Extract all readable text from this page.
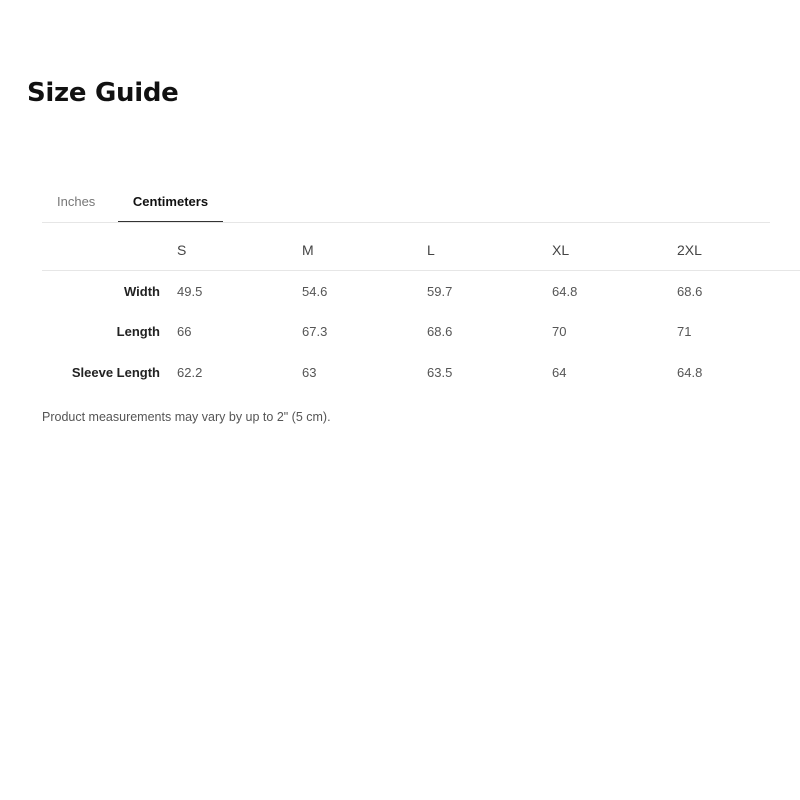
Size Guide
Inches	Centimeters
	S	M	L	XL	2XL
Width	49.5	54.6	59.7	64.8	68.6
Length	66	67.3	68.6	70	71
Sleeve Length	62.2	63	63.5	64	64.8
Product measurements may vary by up to 2" (5 cm).
